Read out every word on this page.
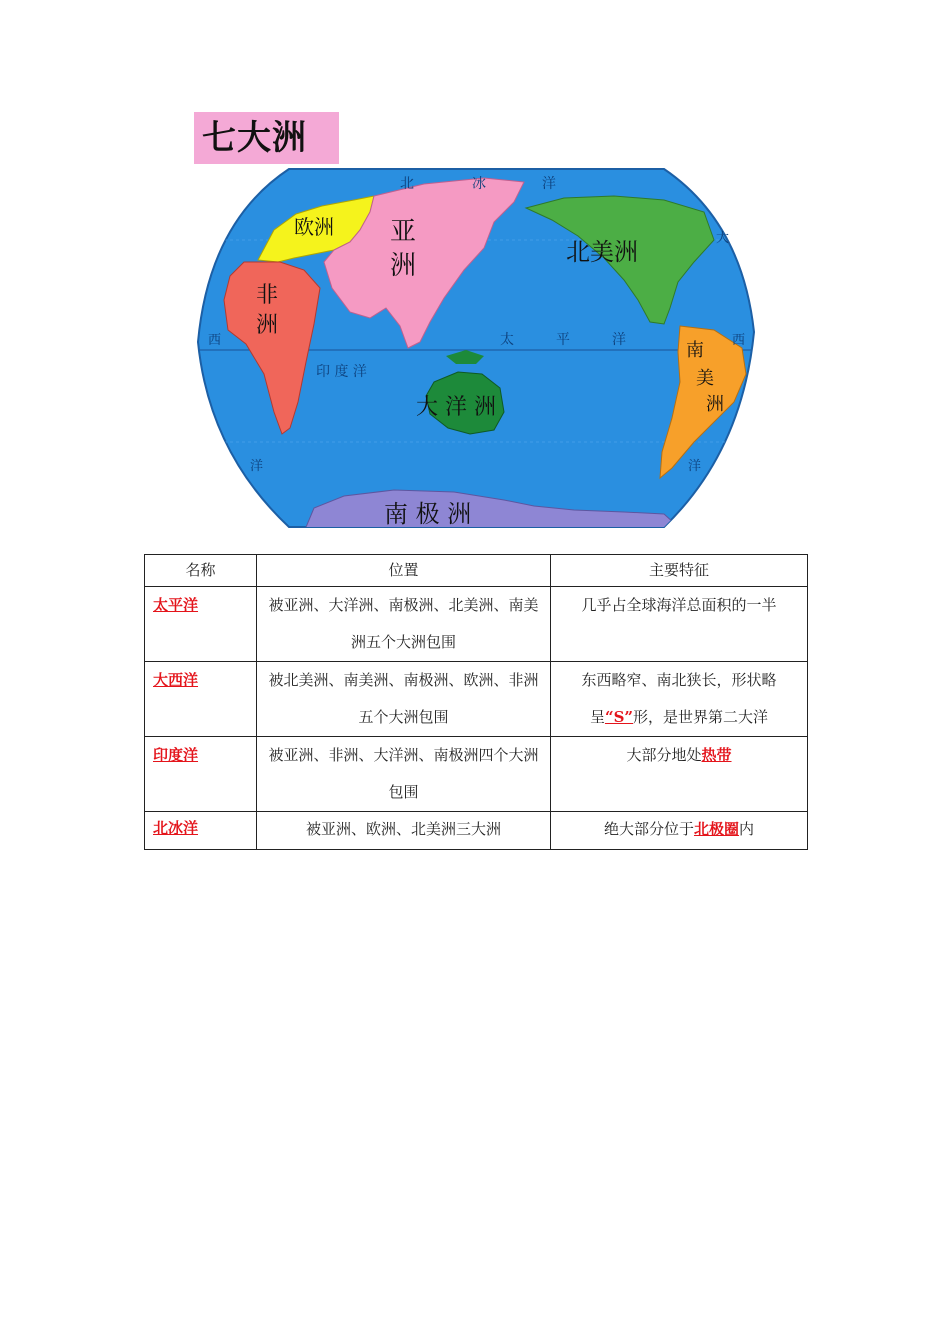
欧洲 亚
洲
非
洲
北美洲
南
美
洲
大 洋 洲
南 极 洲
北	冰	洋
太	平	洋
印 度 洋
西
大
西
洋	洋
七大洲
名称	位置	主要特征
太平洋	被亚洲、大洋洲、南极洲、北美洲、南美洲五个大洲包围	几乎占全球海洋总面积的一半
大西洋	被北美洲、南美洲、南极洲、欧洲、非洲五个大洲包围	东西略窄、南北狭长，形状略呈“S”形，是世界第二大洋
印度洋	被亚洲、非洲、大洋洲、南极洲四个大洲包围	大部分地处热带
北冰洋	被亚洲、欧洲、北美洲三大洲	绝大部分位于北极圈内
